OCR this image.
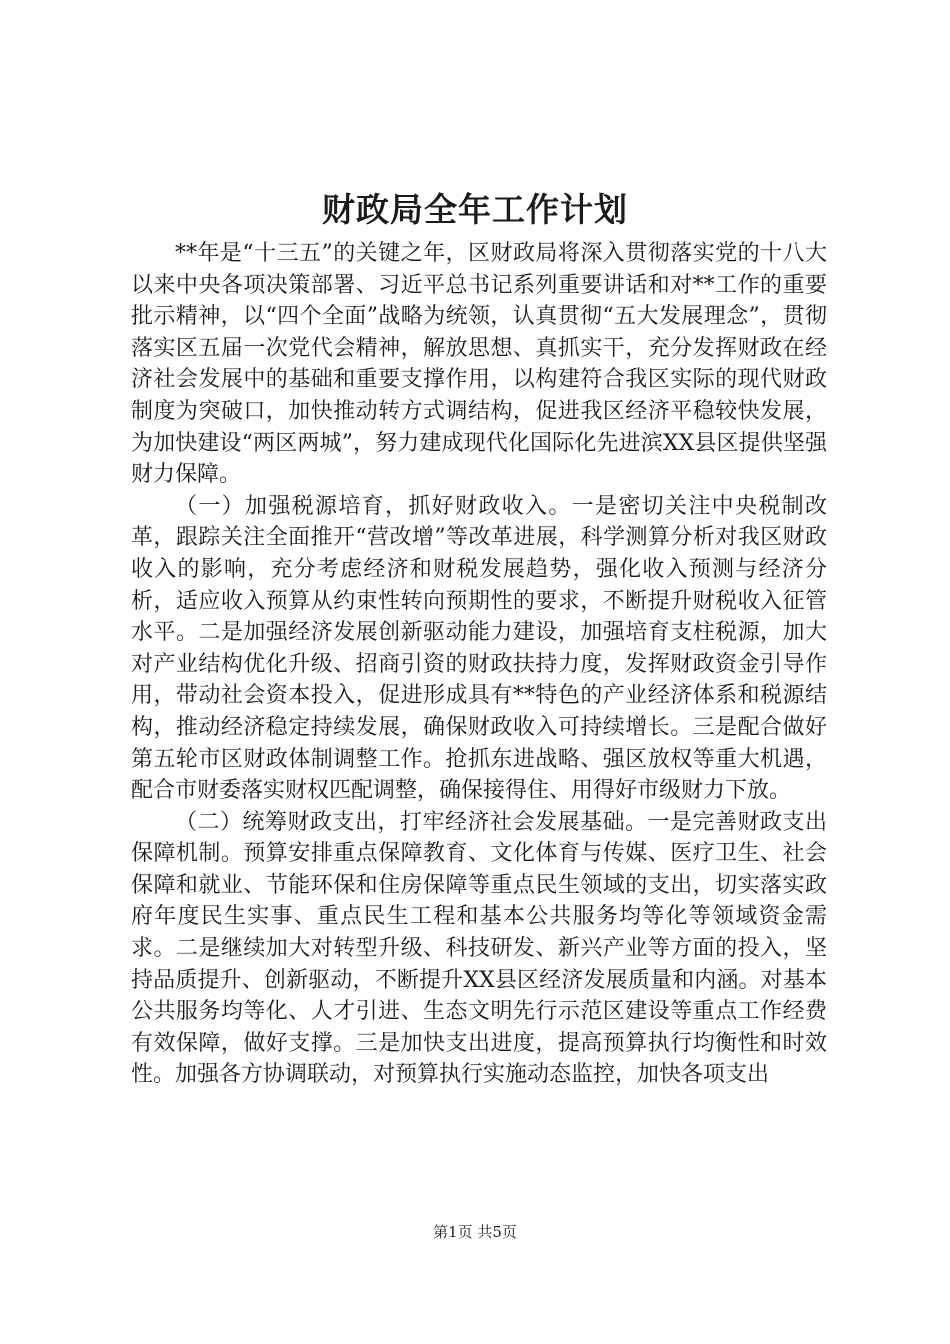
财政局全年工作计划

**年是“十三五”的关键之年，区财政局将深入贯彻落实党的十八大以来中央各项决策部署、习近平总书记系列重要讲话和对**工作的重要批示精神，以“四个全面”战略为统领，认真贯彻“五大发展理念”，贯彻落实区五届一次党代会精神，解放思想、真抓实干，充分发挥财政在经济社会发展中的基础和重要支撑作用，以构建符合我区实际的现代财政制度为突破口，加快推动转方式调结构，促进我区经济平稳较快发展，为加快建设“两区两城”，努力建成现代化国际化先进滨XX县区提供坚强财力保障。

（一）加强税源培育，抓好财政收入。一是密切关注中央税制改革，跟踪关注全面推开“营改增”等改革进展，科学测算分析对我区财政收入的影响，充分考虑经济和财税发展趋势，强化收入预测与经济分析，适应收入预算从约束性转向预期性的要求，不断提升财税收入征管水平。二是加强经济发展创新驱动能力建设，加强培育支柱税源，加大对产业结构优化升级、招商引资的财政扶持力度，发挥财政资金引导作用，带动社会资本投入，促进形成具有**特色的产业经济体系和税源结构，推动经济稳定持续发展，确保财政收入可持续增长。三是配合做好第五轮市区财政体制调整工作。抢抓东进战略、强区放权等重大机遇，配合市财委落实财权匹配调整，确保接得住、用得好市级财力下放。

（二）统筹财政支出，打牢经济社会发展基础。一是完善财政支出保障机制。预算安排重点保障教育、文化体育与传媒、医疗卫生、社会保障和就业、节能环保和住房保障等重点民生领域的支出，切实落实政府年度民生实事、重点民生工程和基本公共服务均等化等领域资金需求。二是继续加大对转型升级、科技研发、新兴产业等方面的投入，坚持品质提升、创新驱动，不断提升XX县区经济发展质量和内涵。对基本公共服务均等化、人才引进、生态文明先行示范区建设等重点工作经费有效保障，做好支撑。三是加快支出进度，提高预算执行均衡性和时效性。加强各方协调联动，对预算执行实施动态监控，加快各项支出

第1页 共5页
